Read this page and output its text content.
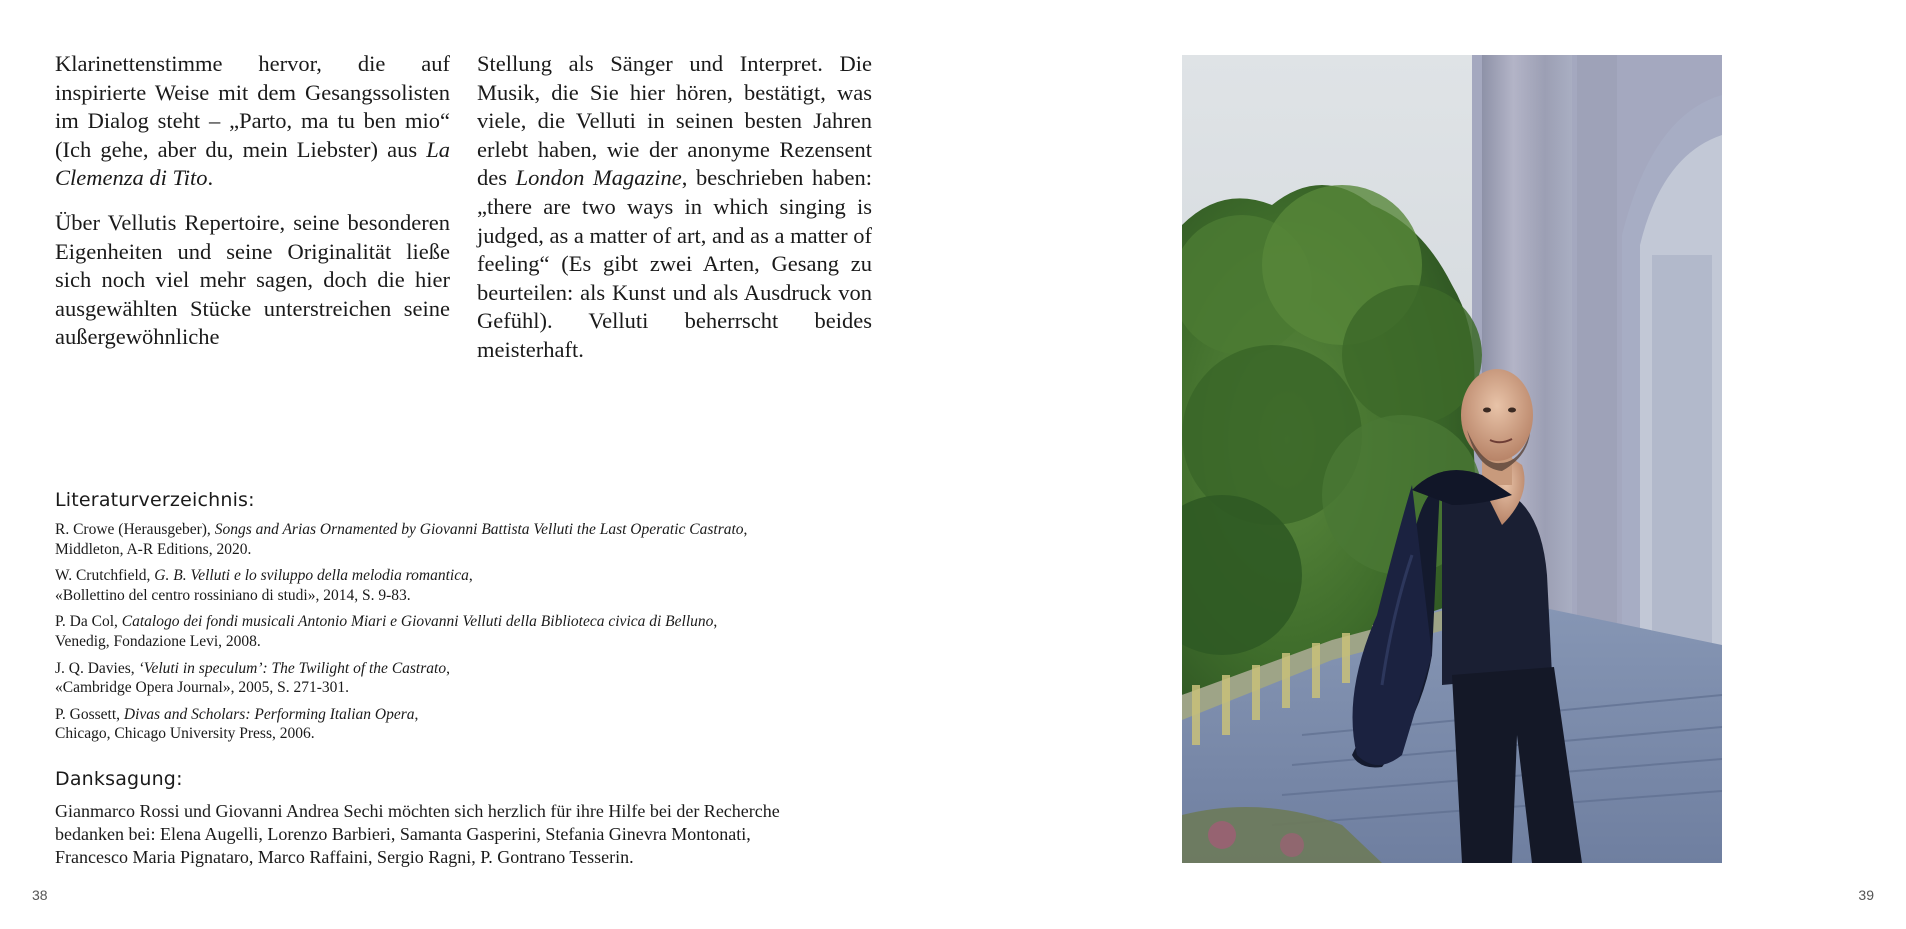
Klarinettenstimme hervor, die auf inspirierte Weise mit dem Gesangssolisten im Dialog steht – „Parto, ma tu ben mio“ (Ich gehe, aber du, mein Liebster) aus La Clemenza di Tito.

Über Vellutis Repertoire, seine besonderen Eigenheiten und seine Originalität ließe sich noch viel mehr sagen, doch die hier ausgewählten Stücke unterstreichen seine außergewöhnliche

Stellung als Sänger und Interpret. Die Musik, die Sie hier hören, bestätigt, was viele, die Velluti in seinen besten Jahren erlebt haben, wie der anonyme Rezensent des London Magazine, beschrieben haben: „there are two ways in which singing is judged, as a matter of art, and as a matter of feeling“ (Es gibt zwei Arten, Gesang zu beurteilen: als Kunst und als Ausdruck von Gefühl). Velluti beherrscht beides meisterhaft.

Literaturverzeichnis:
R. Crowe (Herausgeber), Songs and Arias Ornamented by Giovanni Battista Velluti the Last Operatic Castrato,
Middleton, A-R Editions, 2020.
W. Crutchfield, G. B. Velluti e lo sviluppo della melodia romantica,
«Bollettino del centro rossiniano di studi», 2014, S. 9-83.
P. Da Col, Catalogo dei fondi musicali Antonio Miari e Giovanni Velluti della Biblioteca civica di Belluno,
Venedig, Fondazione Levi, 2008.
J. Q. Davies, ‘Veluti in speculum’: The Twilight of the Castrato,
«Cambridge Opera Journal», 2005, S. 271-301.
P. Gossett, Divas and Scholars: Performing Italian Opera,
Chicago, Chicago University Press, 2006.
Danksagung:
Gianmarco Rossi und Giovanni Andrea Sechi möchten sich herzlich für ihre Hilfe bei der Recherche
bedanken bei: Elena Augelli, Lorenzo Barbieri, Samanta Gasperini, Stefania Ginevra Montonati,
Francesco Maria Pignataro, Marco Raffaini, Sergio Ragni, P. Gontrano Tesserin.
38	39
